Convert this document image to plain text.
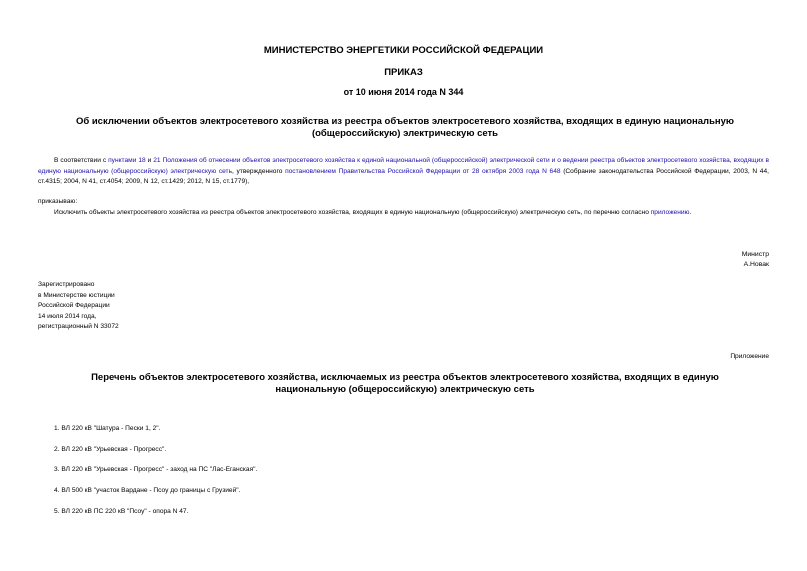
МИНИСТЕРСТВО ЭНЕРГЕТИКИ РОССИЙСКОЙ ФЕДЕРАЦИИ
ПРИКАЗ
от 10 июня 2014 года N 344
Об исключении объектов электросетевого хозяйства из реестра объектов электросетевого хозяйства, входящих в единую национальную (общероссийскую) электрическую сеть
В соответствии с пунктами 18 и 21 Положения об отнесении объектов электросетевого хозяйства к единой национальной (общероссийской) электрической сети и о ведении реестра объектов электросетевого хозяйства, входящих в единую национальную (общероссийскую) электрическую сеть, утвержденного постановлением Правительства Российской Федерации от 28 октября 2003 года N 648 (Собрание законодательства Российской Федерации, 2003, N 44, ст.4315; 2004, N 41, ст.4054; 2009, N 12, ст.1429; 2012, N 15, ст.1779),
приказываю:
Исключить объекты электросетевого хозяйства из реестра объектов электросетевого хозяйства, входящих в единую национальную (общероссийскую) электрическую сеть, по перечню согласно приложению.
Министр
А.Новак
Зарегистрировано
в Министерстве юстиции
Российской Федерации
14 июля 2014 года,
регистрационный N 33072
Приложение
Перечень объектов электросетевого хозяйства, исключаемых из реестра объектов электросетевого хозяйства, входящих в единую национальную (общероссийскую) электрическую сеть
1. ВЛ 220 кВ "Шатура - Пески 1, 2".
2. ВЛ 220 кВ "Урьевская - Прогресс".
3. ВЛ 220 кВ "Урьевская - Прогресс" - заход на ПС "Лас-Еганская".
4. ВЛ 500 кВ "участок Вардане - Псоу до границы с Грузией".
5. ВЛ 220 кВ ПС 220 кВ "Псоу" - опора N 47.
